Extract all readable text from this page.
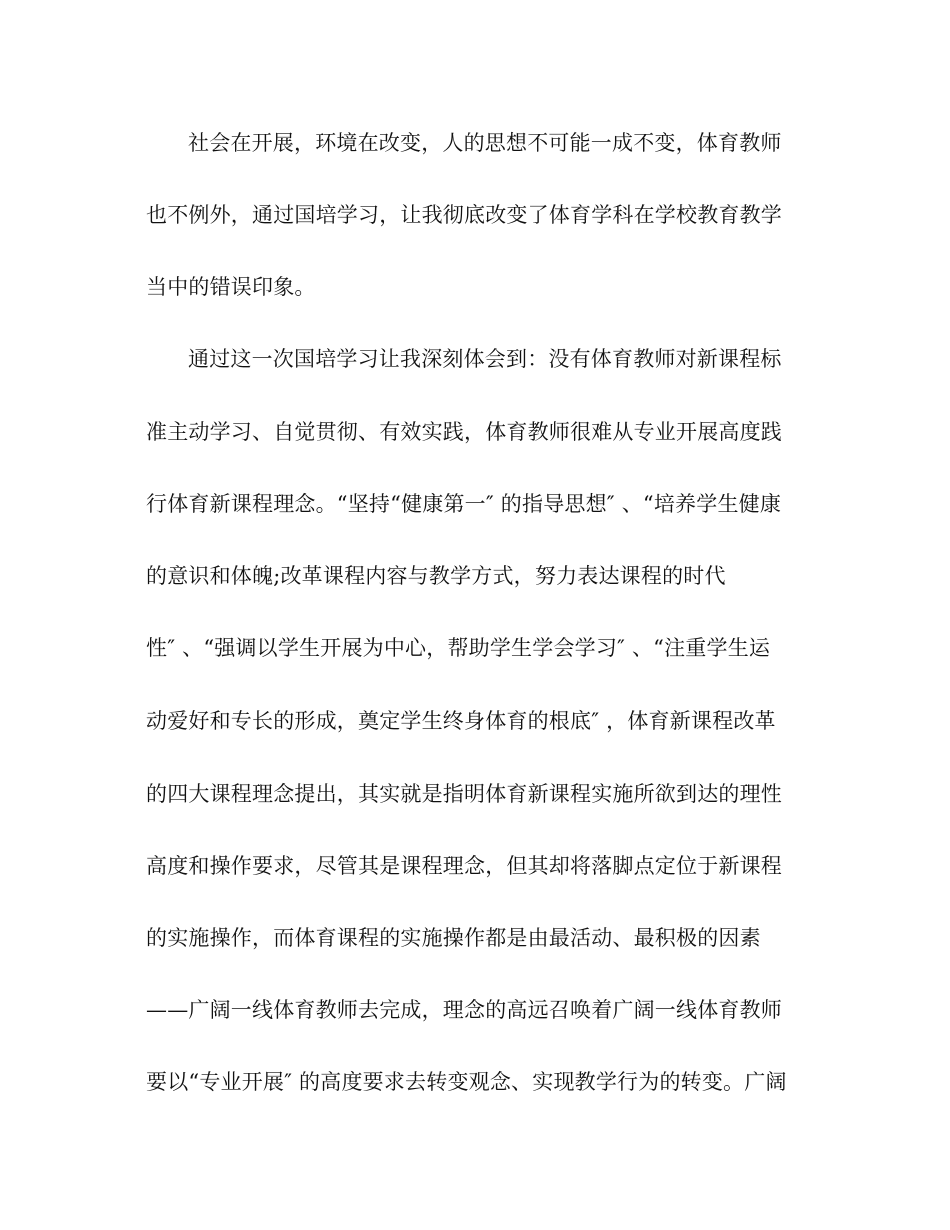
社会在开展，环境在改变，人的思想不可能一成不变，体育教师
也不例外，通过国培学习，让我彻底改变了体育学科在学校教育教学
当中的错误印象。
通过这一次国培学习让我深刻体会到：没有体育教师对新课程标
准主动学习、自觉贯彻、有效实践，体育教师很难从专业开展高度践
行体育新课程理念。“坚持“健康第一″ 的指导思想″ 、“培养学生健康
的意识和体魄;改革课程内容与教学方式，努力表达课程的时代
性″ 、“强调以学生开展为中心，帮助学生学会学习″ 、“注重学生运
动爱好和专长的形成，奠定学生终身体育的根底″ ，体育新课程改革
的四大课程理念提出，其实就是指明体育新课程实施所欲到达的理性
高度和操作要求，尽管其是课程理念，但其却将落脚点定位于新课程
的实施操作，而体育课程的实施操作都是由最活动、最积极的因素
——广阔一线体育教师去完成，理念的高远召唤着广阔一线体育教师
要以“专业开展″ 的高度要求去转变观念、实现教学行为的转变。广阔
